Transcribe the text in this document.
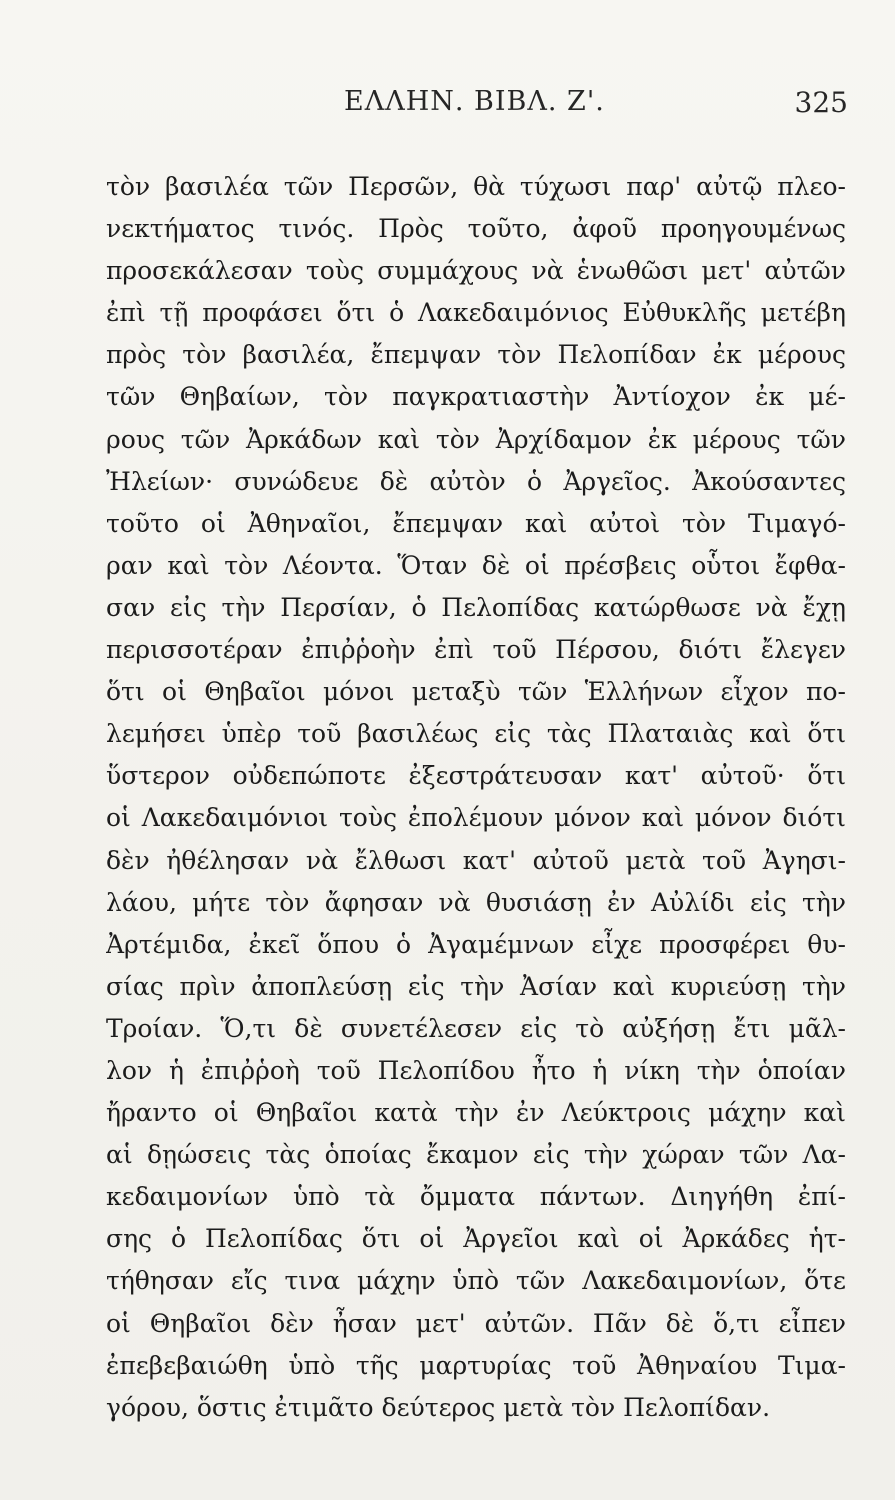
ΕΛΛΗΝ. ΒΙΒΛ. Ζ'.	325
τὸν βασιλέα τῶν Περσῶν, θὰ τύχωσι παρ' αὐτῷ πλεο-
νεκτήματος τινός. Πρὸς τοῦτο, ἀφοῦ προηγουμένως
προσεκάλεσαν τοὺς συμμάχους νὰ ἑνωθῶσι μετ' αὐτῶν
ἐπὶ τῇ προφάσει ὅτι ὁ Λακεδαιμόνιος Εὐθυκλῆς μετέβη
πρὸς τὸν βασιλέα, ἔπεμψαν τὸν Πελοπίδαν ἐκ μέρους
τῶν Θηβαίων, τὸν παγκρατιαστὴν Ἀντίοχον ἐκ μέ-
ρους τῶν Ἀρκάδων καὶ τὸν Ἀρχίδαμον ἐκ μέρους τῶν
Ἠλείων· συνώδευε δὲ αὐτὸν ὁ Ἀργεῖος. Ἀκούσαντες
τοῦτο οἱ Ἀθηναῖοι, ἔπεμψαν καὶ αὐτοὶ τὸν Τιμαγό-
ραν καὶ τὸν Λέοντα. Ὅταν δὲ οἱ πρέσβεις οὗτοι ἔφθα-
σαν εἰς τὴν Περσίαν, ὁ Πελοπίδας κατώρθωσε νὰ ἔχῃ
περισσοτέραν ἐπιῤῥοὴν ἐπὶ τοῦ Πέρσου, διότι ἔλεγεν
ὅτι οἱ Θηβαῖοι μόνοι μεταξὺ τῶν Ἑλλήνων εἶχον πο-
λεμήσει ὑπὲρ τοῦ βασιλέως εἰς τὰς Πλαταιὰς καὶ ὅτι
ὕστερον οὐδεπώποτε ἐξεστράτευσαν κατ' αὐτοῦ· ὅτι
οἱ Λακεδαιμόνιοι τοὺς ἐπολέμουν μόνον καὶ μόνον διότι
δὲν ἠθέλησαν νὰ ἔλθωσι κατ' αὐτοῦ μετὰ τοῦ Ἀγησι-
λάου, μήτε τὸν ἄφησαν νὰ θυσιάσῃ ἐν Αὐλίδι εἰς τὴν
Ἀρτέμιδα, ἐκεῖ ὅπου ὁ Ἀγαμέμνων εἶχε προσφέρει θυ-
σίας πρὶν ἀποπλεύσῃ εἰς τὴν Ἀσίαν καὶ κυριεύσῃ τὴν
Τροίαν. Ὅ,τι δὲ συνετέλεσεν εἰς τὸ αὐξήσῃ ἔτι μᾶλ-
λον ἡ ἐπιῤῥοὴ τοῦ Πελοπίδου ἦτο ἡ νίκη τὴν ὁποίαν
ἤραντο οἱ Θηβαῖοι κατὰ τὴν ἐν Λεύκτροις μάχην καὶ
αἱ δῃώσεις τὰς ὁποίας ἔκαμον εἰς τὴν χώραν τῶν Λα-
κεδαιμονίων ὑπὸ τὰ ὄμματα πάντων. Διηγήθη ἐπί-
σης ὁ Πελοπίδας ὅτι οἱ Ἀργεῖοι καὶ οἱ Ἀρκάδες ἡτ-
τήθησαν εἴς τινα μάχην ὑπὸ τῶν Λακεδαιμονίων, ὅτε
οἱ Θηβαῖοι δὲν ἦσαν μετ' αὐτῶν. Πᾶν δὲ ὅ,τι εἶπεν
ἐπεβεβαιώθη ὑπὸ τῆς μαρτυρίας τοῦ Ἀθηναίου Τιμα-
γόρου, ὅστις ἐτιμᾶτο δεύτερος μετὰ τὸν Πελοπίδαν.
